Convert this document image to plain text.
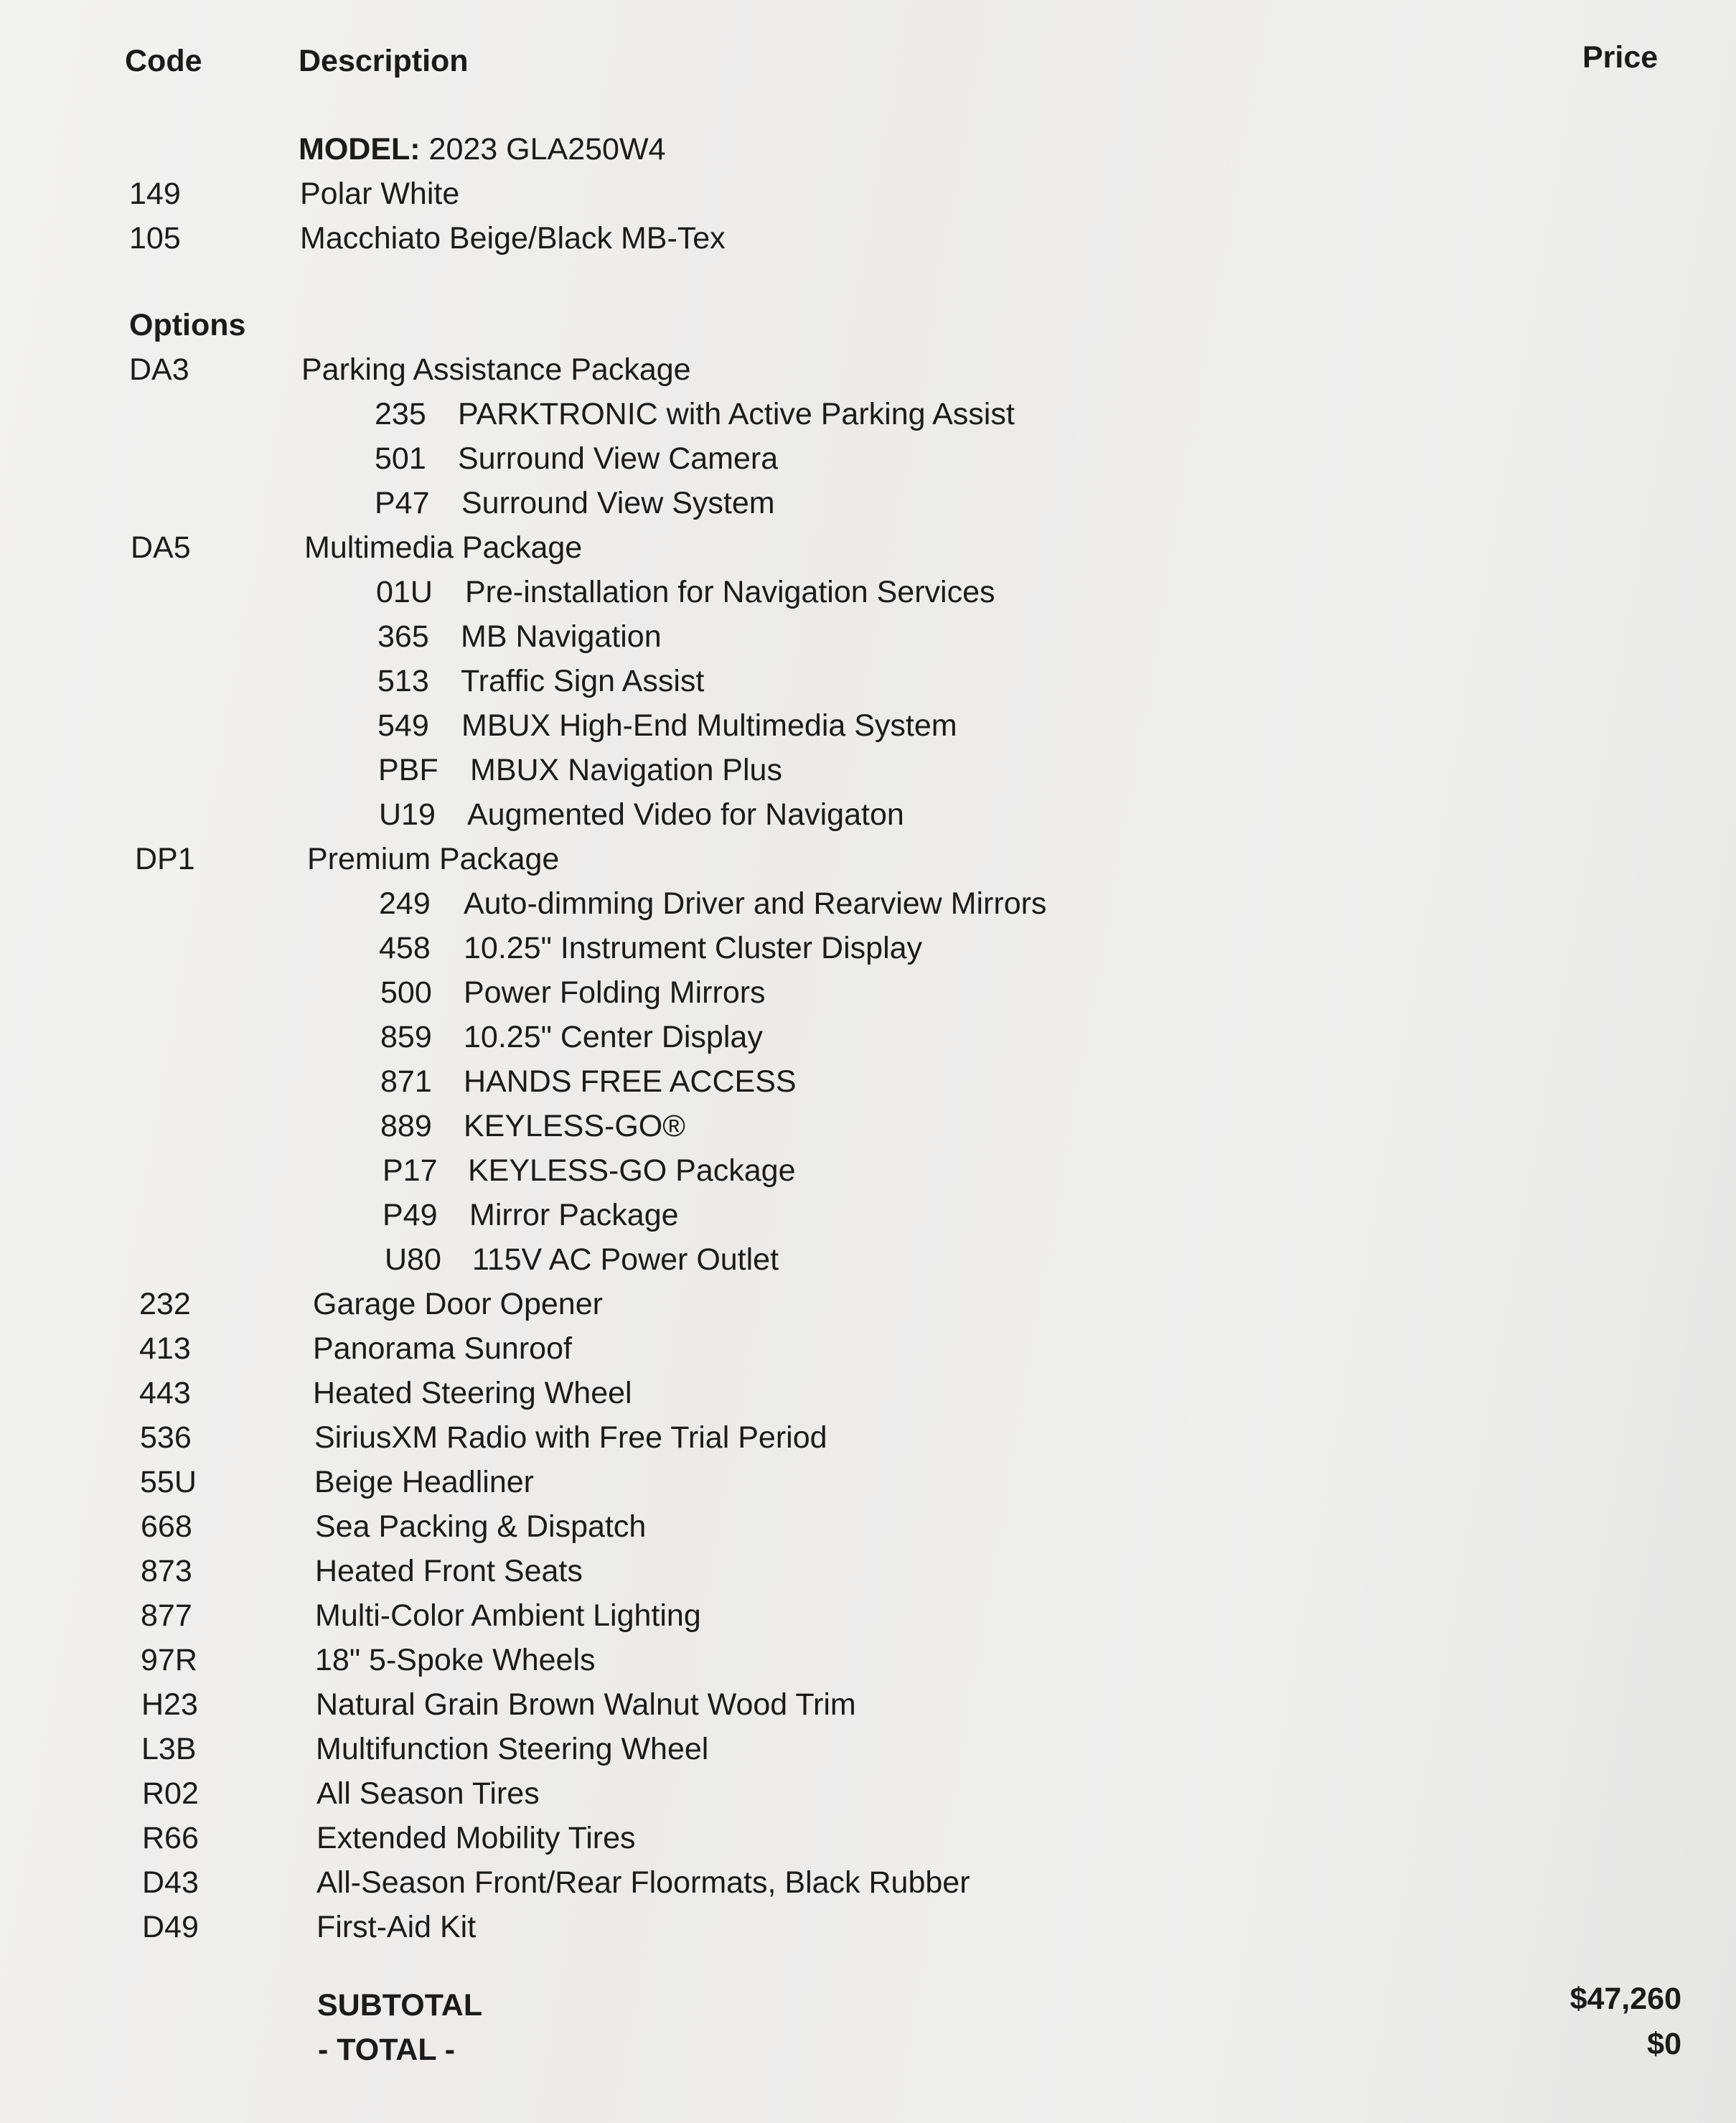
Code	Description	Price
MODEL: 2023 GLA250W4
149	Polar White
105	Macchiato Beige/Black MB-Tex
Options
DA3	Parking Assistance Package
235 PARKTRONIC with Active Parking Assist
501 Surround View Camera
P47 Surround View System
DA5	Multimedia Package
01U Pre-installation for Navigation Services
365 MB Navigation
513 Traffic Sign Assist
549 MBUX High-End Multimedia System
PBF MBUX Navigation Plus
U19 Augmented Video for Navigaton
DP1	Premium Package
249 Auto-dimming Driver and Rearview Mirrors
458 10.25" Instrument Cluster Display
500 Power Folding Mirrors
859 10.25" Center Display
871 HANDS FREE ACCESS
889 KEYLESS-GO®
P17 KEYLESS-GO Package
P49 Mirror Package
U80 115V AC Power Outlet
232	Garage Door Opener
413	Panorama Sunroof
443	Heated Steering Wheel
536	SiriusXM Radio with Free Trial Period
55U	Beige Headliner
668	Sea Packing & Dispatch
873	Heated Front Seats
877	Multi-Color Ambient Lighting
97R	18" 5-Spoke Wheels
H23	Natural Grain Brown Walnut Wood Trim
L3B	Multifunction Steering Wheel
R02	All Season Tires
R66	Extended Mobility Tires
D43	All-Season Front/Rear Floormats, Black Rubber
D49	First-Aid Kit
SUBTOTAL	$47,260
- TOTAL -	$0
